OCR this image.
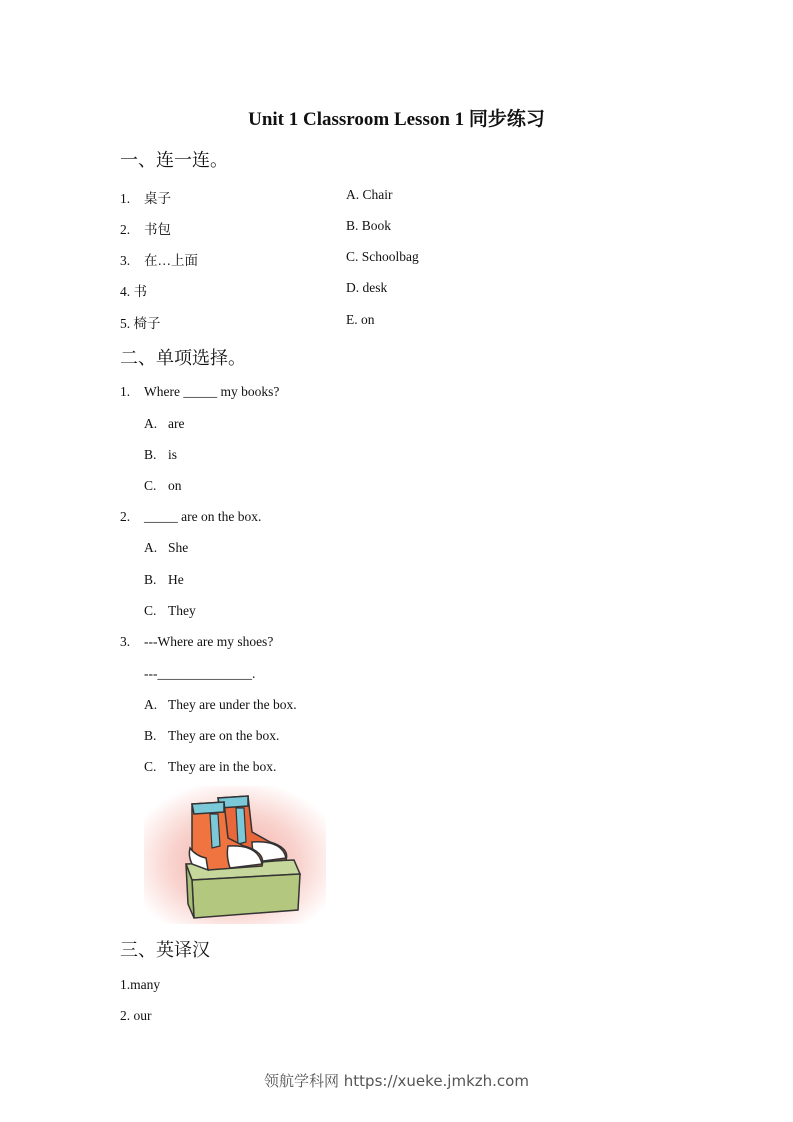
Unit 1 Classroom Lesson 1 同步练习
一、连一连。
1. 桌子
2. 书包
3. 在…上面
4. 书
5. 椅子
A. Chair
B. Book
C. Schoolbag
D. desk
E. on
二、单项选择。
1. Where _____ my books?
A. are
B. is
C. on
2. _____ are on the box.
A. She
B. He
C. They
3. ---Where are my shoes?
---______________.
A. They are under the box.
B. They are on the box.
C. They are in the box.
三、英译汉
1.many
2. our
领航学科网 https://xueke.jmkzh.com
